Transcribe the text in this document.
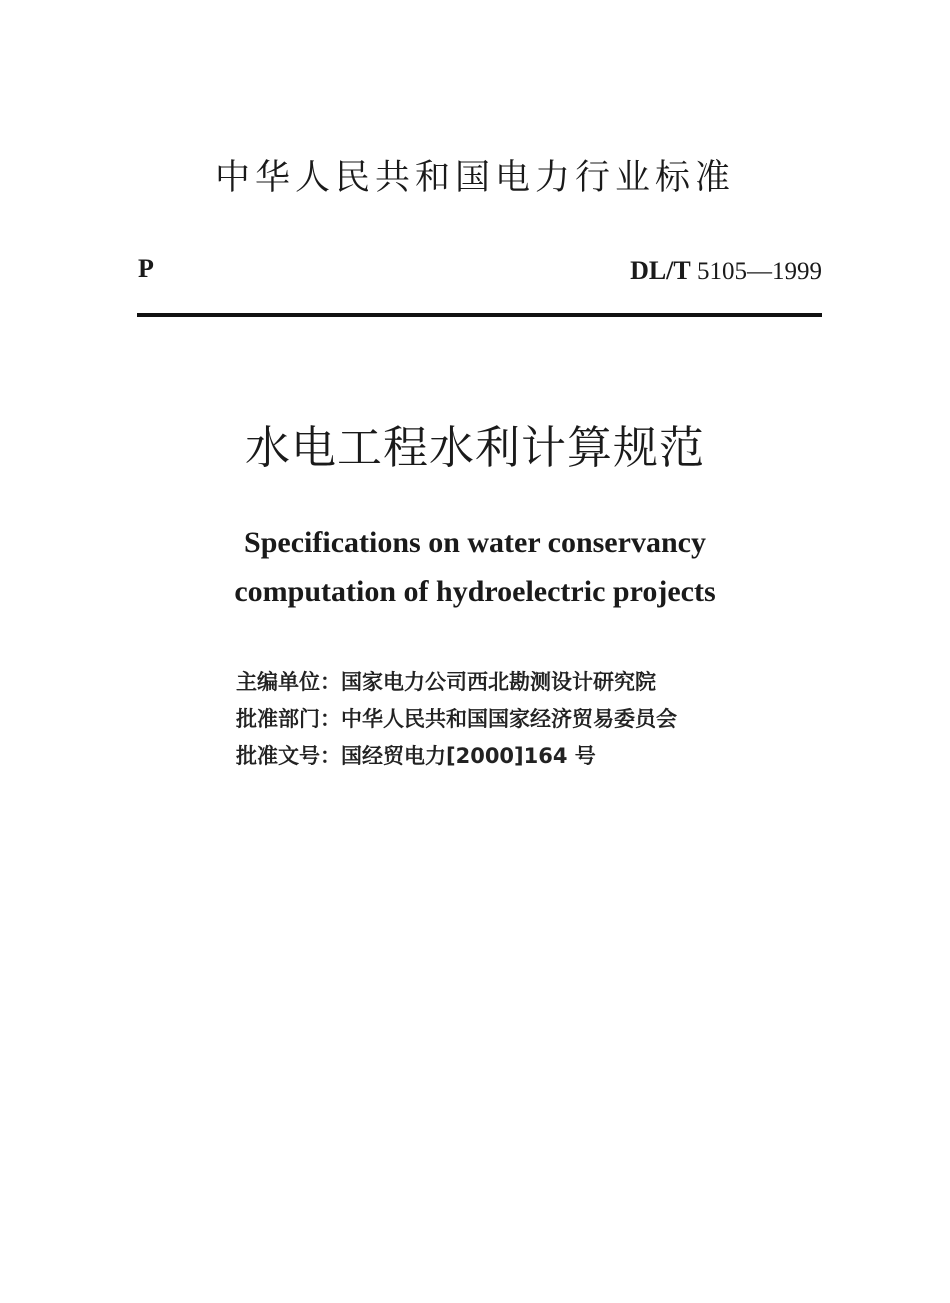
中华人民共和国电力行业标准
P	DL/T 5105—1999
水电工程水利计算规范
Specifications on water conservancy
computation of hydroelectric projects
主编单位：国家电力公司西北勘测设计研究院
批准部门：中华人民共和国国家经济贸易委员会
批准文号：国经贸电力[2000]164 号
